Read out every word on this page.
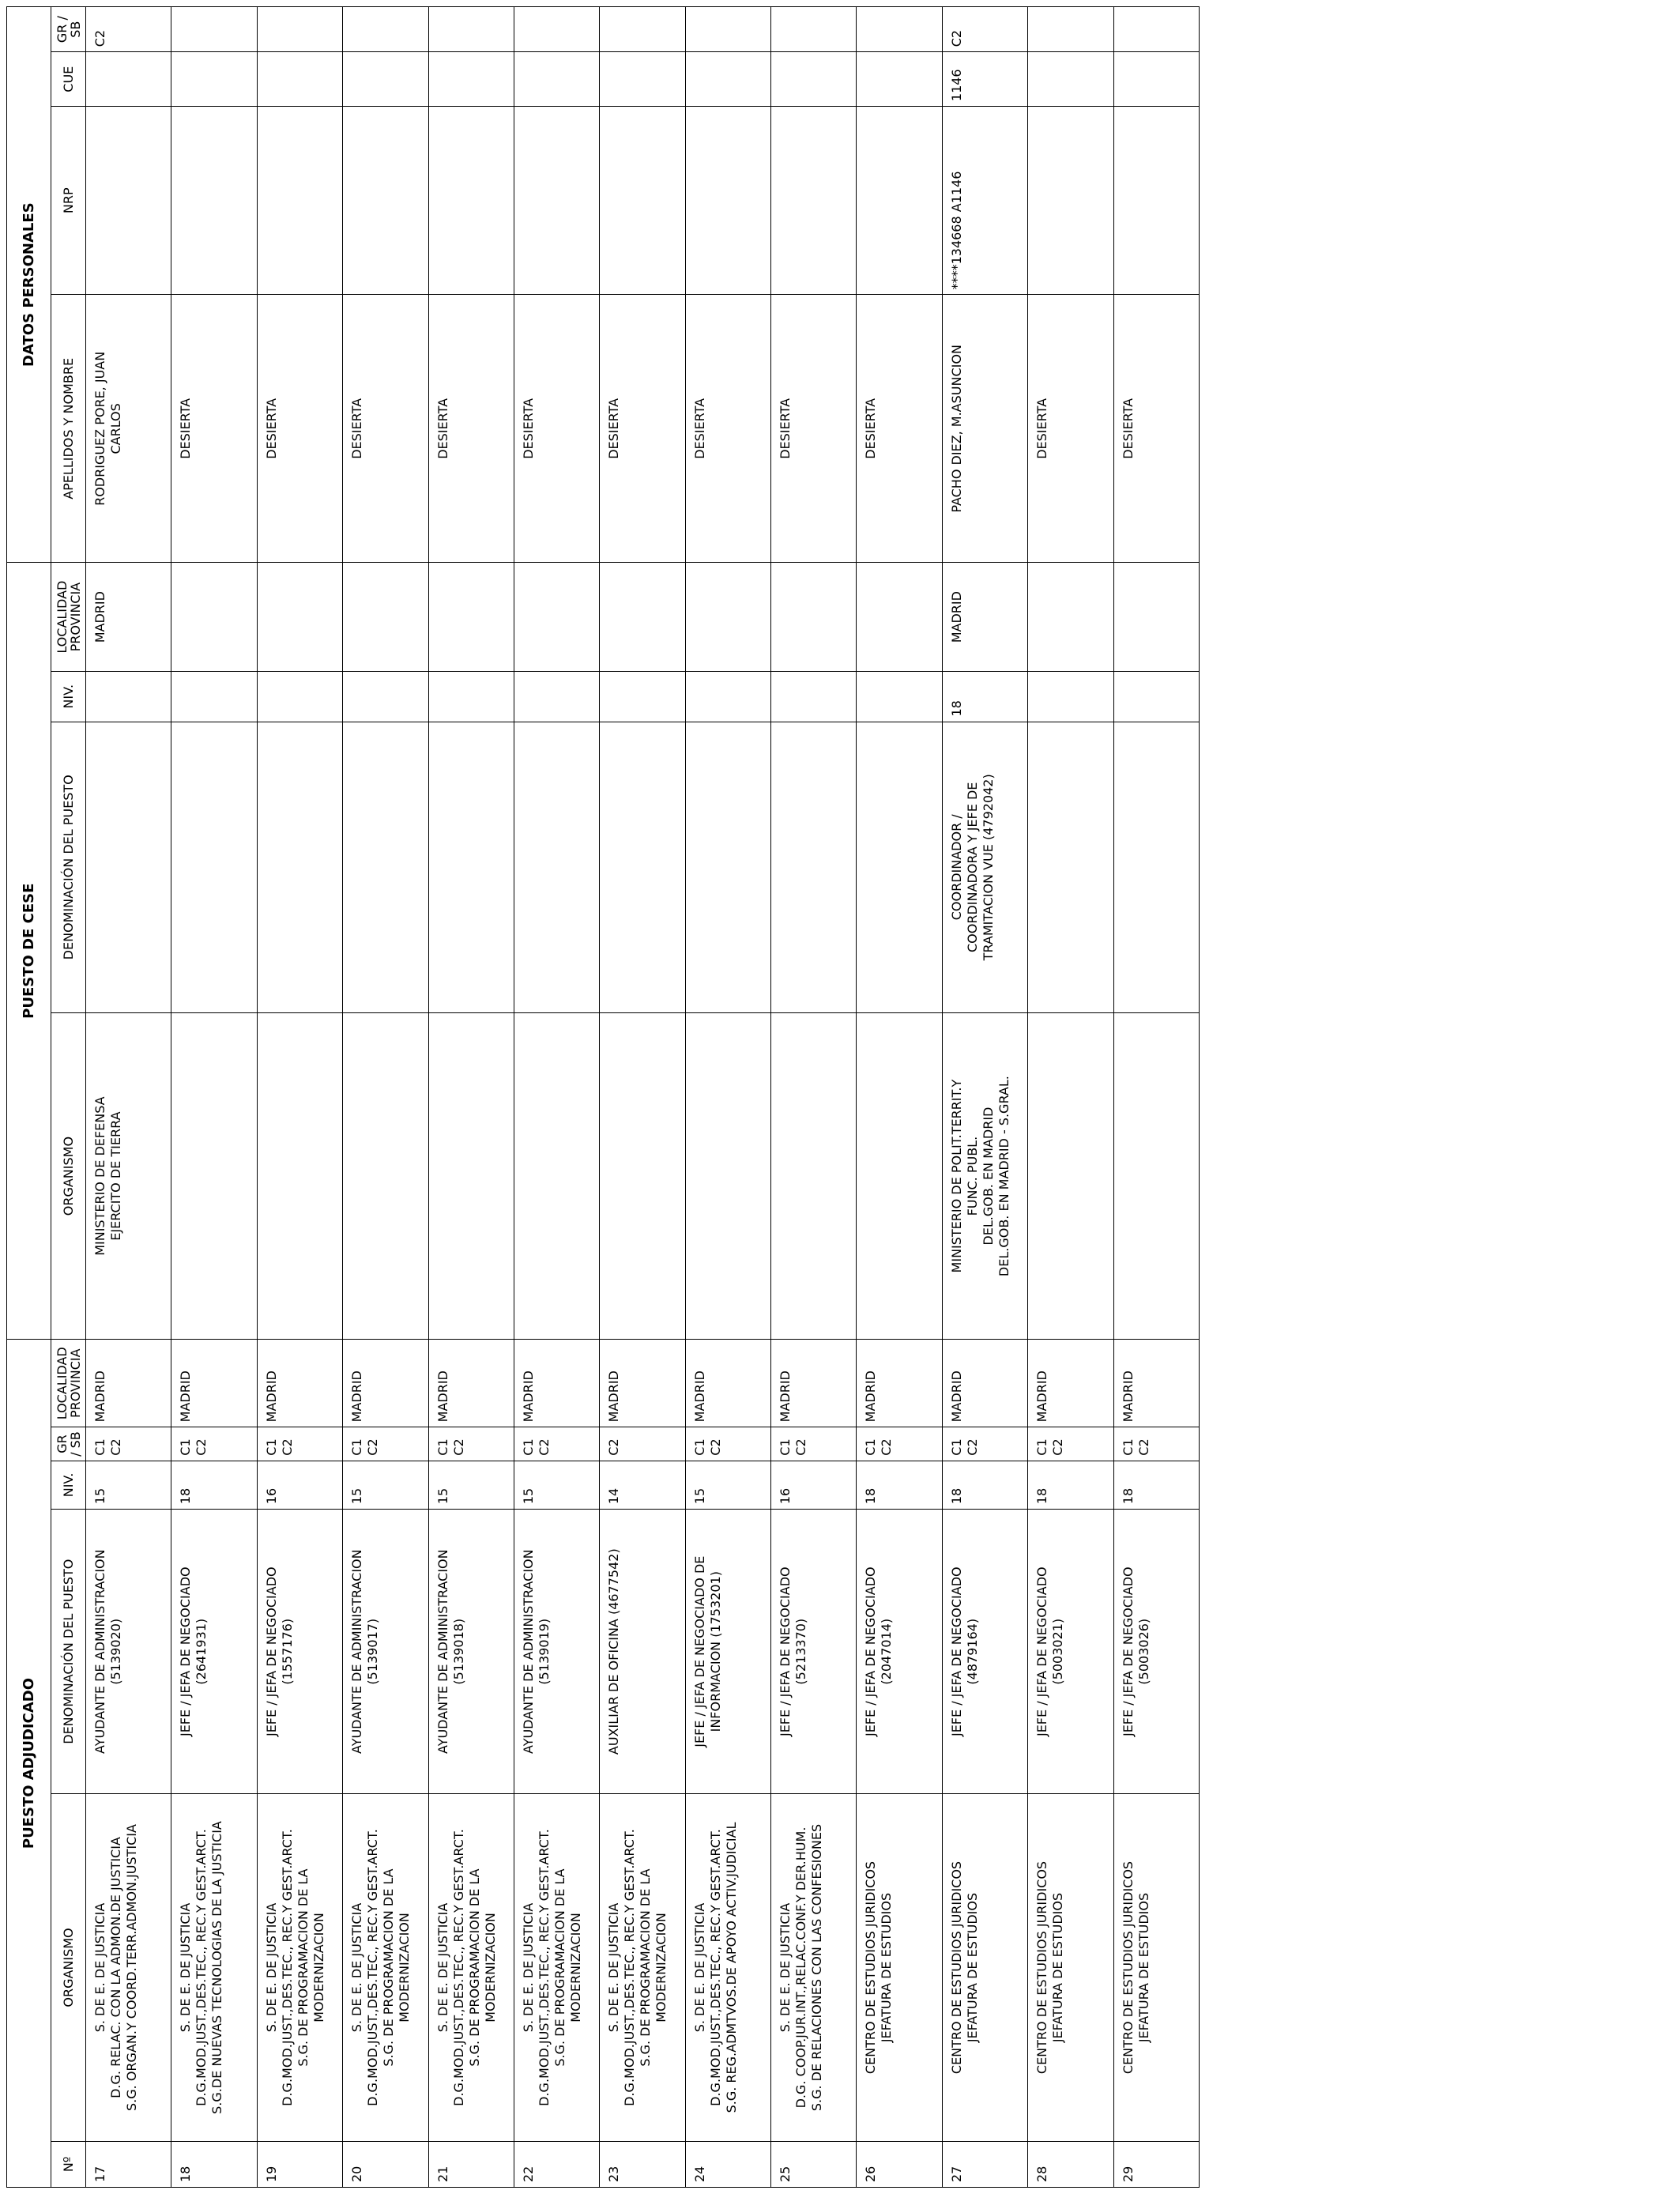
PUESTO ADJUDICADO						PUESTO DE CESE				DATOS PERSONALES			
Nº	ORGANISMO	DENOMINACIÓN DEL PUESTO	NIV.	GR / SB	LOCALIDAD PROVINCIA	ORGANISMO	DENOMINACIÓN DEL PUESTO	NIV.	LOCALIDAD PROVINCIA	APELLIDOS Y NOMBRE	NRP	CUE	GR / SB
17	S. DE E. DE JUSTICIA
D.G. RELAC. CON LA ADMON.DE JUSTICIA
S.G. ORGAN.Y COORD.TERR.ADMON.JUSTICIA	AYUDANTE DE ADMINISTRACION
(5139020)	15	C1
C2	MADRID	MINISTERIO DE DEFENSA
EJERCITO DE TIERRA			MADRID	RODRIGUEZ PORE, JUAN
CARLOS			C2
18	S. DE E. DE JUSTICIA
D.G.MOD.JUST.,DES.TEC., REC.Y GEST.ARCT.
S.G.DE NUEVAS TECNOLOGIAS DE LA JUSTICIA	JEFE / JEFA DE NEGOCIADO
(2641931)	18	C1
C2	MADRID					DESIERTA			
19	S. DE E. DE JUSTICIA
D.G.MOD.JUST.,DES.TEC., REC.Y GEST.ARCT.
S.G. DE PROGRAMACION DE LA
MODERNIZACION	JEFE / JEFA DE NEGOCIADO
(1557176)	16	C1
C2	MADRID					DESIERTA			
20	S. DE E. DE JUSTICIA
D.G.MOD.JUST.,DES.TEC., REC.Y GEST.ARCT.
S.G. DE PROGRAMACION DE LA
MODERNIZACION	AYUDANTE DE ADMINISTRACION
(5139017)	15	C1
C2	MADRID					DESIERTA			
21	S. DE E. DE JUSTICIA
D.G.MOD.JUST.,DES.TEC., REC.Y GEST.ARCT.
S.G. DE PROGRAMACION DE LA
MODERNIZACION	AYUDANTE DE ADMINISTRACION
(5139018)	15	C1
C2	MADRID					DESIERTA			
22	S. DE E. DE JUSTICIA
D.G.MOD.JUST.,DES.TEC., REC.Y GEST.ARCT.
S.G. DE PROGRAMACION DE LA
MODERNIZACION	AYUDANTE DE ADMINISTRACION
(5139019)	15	C1
C2	MADRID					DESIERTA			
23	S. DE E. DE JUSTICIA
D.G.MOD.JUST.,DES.TEC., REC.Y GEST.ARCT.
S.G. DE PROGRAMACION DE LA
MODERNIZACION	AUXILIAR DE OFICINA (4677542)	14	C2	MADRID					DESIERTA			
24	S. DE E. DE JUSTICIA
D.G.MOD.JUST.,DES.TEC., REC.Y GEST.ARCT.
S.G. REG.ADMTVOS.DE APOYO ACTIV.JUDICIAL	JEFE / JEFA DE NEGOCIADO DE
INFORMACION (1753201)	15	C1
C2	MADRID					DESIERTA			
25	S. DE E. DE JUSTICIA
D.G. COOP.JUR.INT.,RELAC.CONF.Y DER.HUM.
S.G. DE RELACIONES CON LAS CONFESIONES	JEFE / JEFA DE NEGOCIADO
(5213370)	16	C1
C2	MADRID					DESIERTA			
26	CENTRO DE ESTUDIOS JURIDICOS
JEFATURA DE ESTUDIOS	JEFE / JEFA DE NEGOCIADO
(2047014)	18	C1
C2	MADRID					DESIERTA			
27	CENTRO DE ESTUDIOS JURIDICOS
JEFATURA DE ESTUDIOS	JEFE / JEFA DE NEGOCIADO
(4879164)	18	C1
C2	MADRID	MINISTERIO DE POLIT.TERRIT.Y
FUNC. PUBL.
DEL.GOB. EN MADRID
DEL.GOB. EN MADRID - S.GRAL.	COORDINADOR /
COORDINADORA Y JEFE DE
TRAMITACION VUE (4792042)	18	MADRID	PACHO DIEZ, M.ASUNCION	****134668 A1146	1146	C2
28	CENTRO DE ESTUDIOS JURIDICOS
JEFATURA DE ESTUDIOS	JEFE / JEFA DE NEGOCIADO
(5003021)	18	C1
C2	MADRID					DESIERTA			
29	CENTRO DE ESTUDIOS JURIDICOS
JEFATURA DE ESTUDIOS	JEFE / JEFA DE NEGOCIADO
(5003026)	18	C1
C2	MADRID					DESIERTA			
